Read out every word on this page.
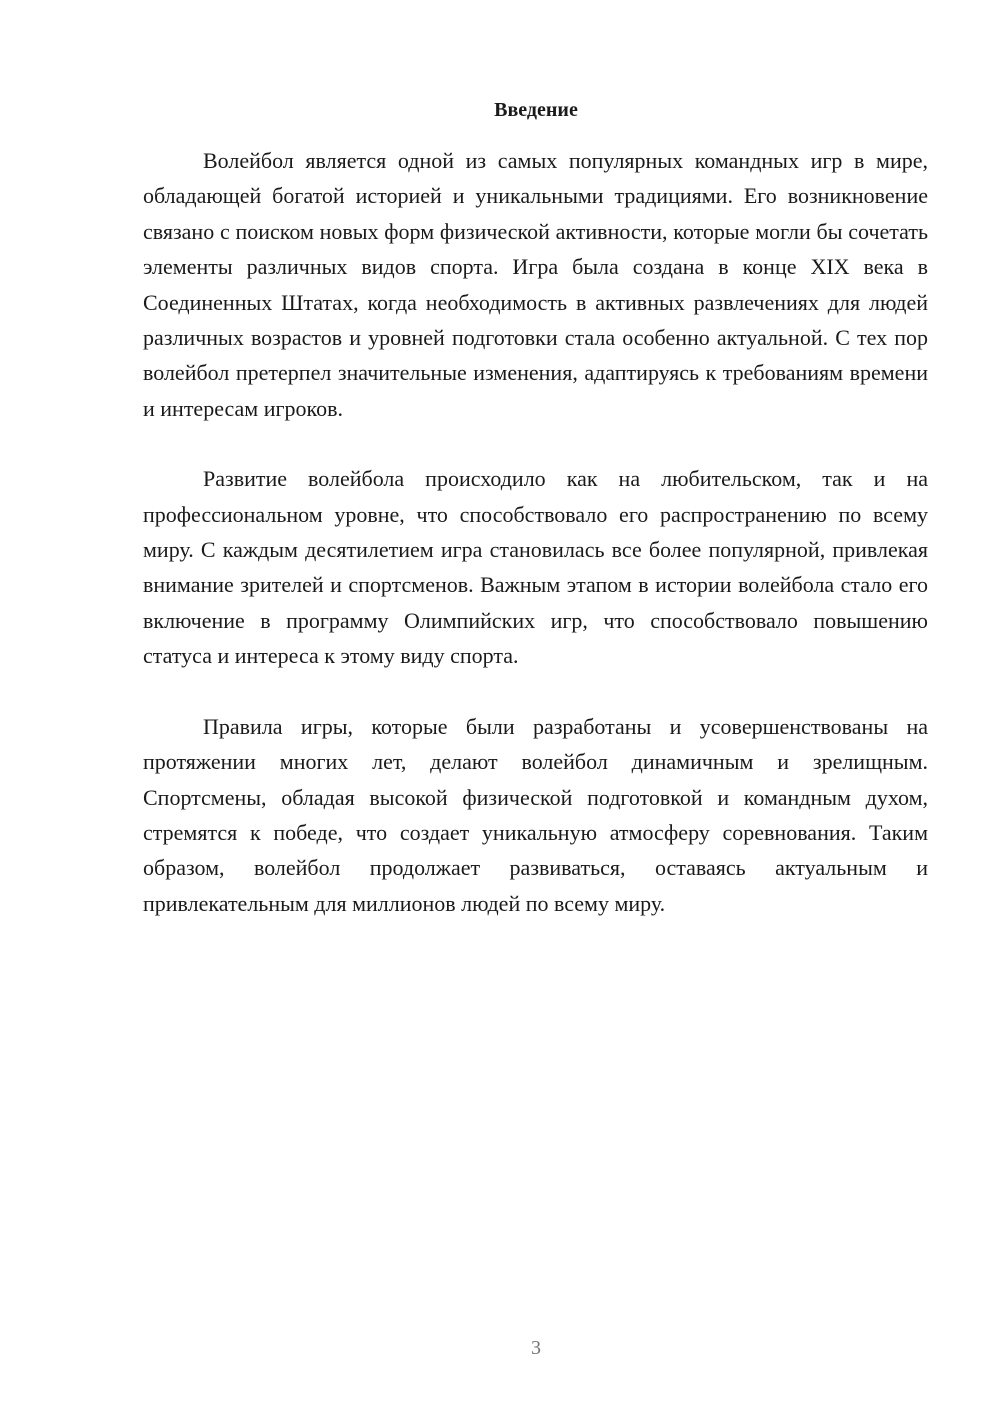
Введение

Волейбол является одной из самых популярных командных игр в мире, обладающей богатой историей и уникальными традициями. Его возникновение связано с поиском новых форм физической активности, которые могли бы сочетать элементы различных видов спорта. Игра была создана в конце XIX века в Соединенных Штатах, когда необходимость в активных развлечениях для людей различных возрастов и уровней подготовки стала особенно актуальной. С тех пор волейбол претерпел значительные изменения, адаптируясь к требованиям времени и интересам игроков.

Развитие волейбола происходило как на любительском, так и на профессиональном уровне, что способствовало его распространению по всему миру. С каждым десятилетием игра становилась все более популярной, привлекая внимание зрителей и спортсменов. Важным этапом в истории волейбола стало его включение в программу Олимпийских игр, что способствовало повышению статуса и интереса к этому виду спорта.

Правила игры, которые были разработаны и усовершенствованы на протяжении многих лет, делают волейбол динамичным и зрелищным. Спортсмены, обладая высокой физической подготовкой и командным духом, стремятся к победе, что создает уникальную атмосферу соревнования. Таким образом, волейбол продолжает развиваться, оставаясь актуальным и привлекательным для миллионов людей по всему миру.

3
